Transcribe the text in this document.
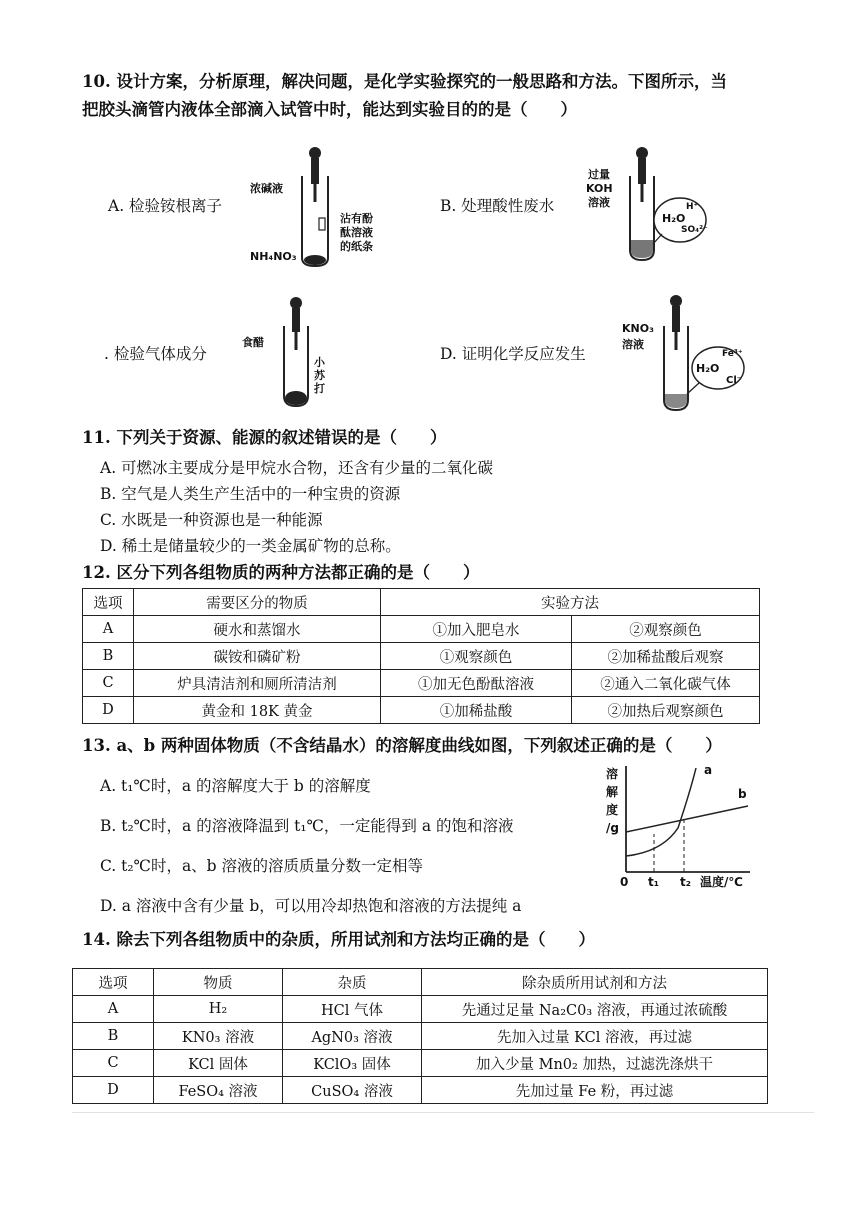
10. 设计方案，分析原理，解决问题，是化学实验探究的一般思路和方法。下图所示，当
把胶头滴管内液体全部滴入试管中时，能达到实验目的的是（　　）
A. 检验铵根离子	B. 处理酸性废水
. 检验气体成分	D. 证明化学反应发生
浓碱液
沾有酚
酞溶液
的纸条
NH₄NO₃
过量
KOH
溶液
H₂O
H⁺
SO₄²⁻
食醋
小苏打
KNO₃
溶液
H₂O
Fe³⁺
Cl⁻
11. 下列关于资源、能源的叙述错误的是（　　）
A. 可燃冰主要成分是甲烷水合物，还含有少量的二氧化碳
B. 空气是人类生产生活中的一种宝贵的资源
C. 水既是一种资源也是一种能源
D. 稀土是储量较少的一类金属矿物的总称。
12. 区分下列各组物质的两种方法都正确的是（　　）
选项	需要区分的物质	实验方法	
A	硬水和蒸馏水	①加入肥皂水	②观察颜色
B	碳铵和磷矿粉	①观察颜色	②加稀盐酸后观察
C	炉具清洁剂和厕所清洁剂	①加无色酚酞溶液	②通入二氧化碳气体
D	黄金和 18K 黄金	①加稀盐酸	②加热后观察颜色
13. a、b 两种固体物质（不含结晶水）的溶解度曲线如图，下列叙述正确的是（　　）
A. t₁℃时，a 的溶解度大于 b 的溶解度
B. t₂℃时，a 的溶液降温到 t₁℃，一定能得到 a 的饱和溶液
C. t₂℃时，a、b 溶液的溶质质量分数一定相等
D. a 溶液中含有少量 b，可以用冷却热饱和溶液的方法提纯 a
溶
解
度
/g
0 t₁ t₂ 温度/℃
a
b
14. 除去下列各组物质中的杂质，所用试剂和方法均正确的是（　　）
选项	物质	杂质	除杂质所用试剂和方法
A	H₂	HCl 气体	先通过足量 Na₂C0₃ 溶液，再通过浓硫酸
B	KN0₃ 溶液	AgN0₃ 溶液	先加入过量 KCl 溶液，再过滤
C	KCl 固体	KClO₃ 固体	加入少量 Mn0₂ 加热，过滤洗涤烘干
D	FeSO₄ 溶液	CuSO₄ 溶液	先加过量 Fe 粉，再过滤
